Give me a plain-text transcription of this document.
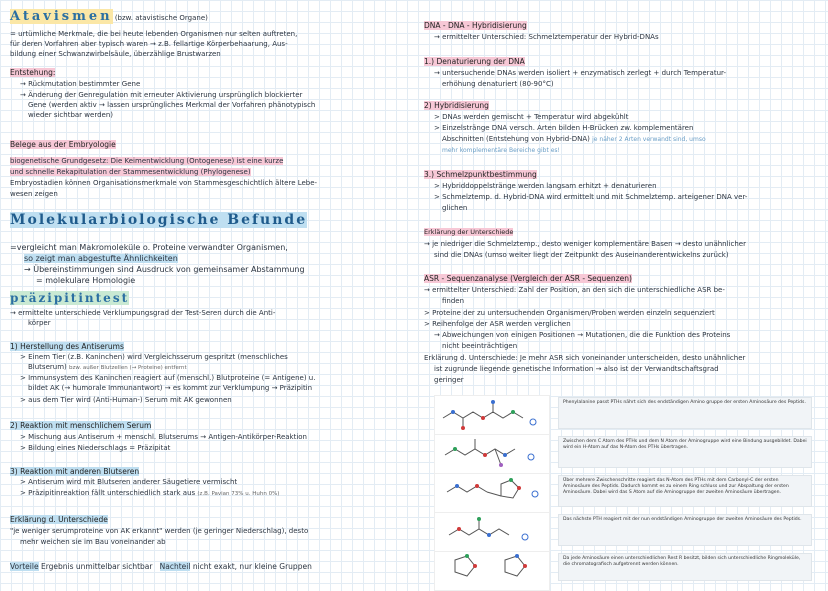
Atavismen (bzw. atavistische Organe)
= urtümliche Merkmale, die bei heute lebenden Organismen nur selten auftreten,
für deren Vorfahren aber typisch waren → z.B. fellartige Körperbehaarung, Aus-
bildung einer Schwanzwirbelsäule, überzählige Brustwarzen
Entstehung:
→ Rückmutation bestimmter Gene
→ Änderung der Genregulation mit erneuter Aktivierung ursprünglich blockierter
Gene (werden aktiv → lassen ursprüngliches Merkmal der Vorfahren phänotypisch
wieder sichtbar werden)
Belege aus der Embryologie
biogenetische Grundgesetz: Die Keimentwicklung (Ontogenese) ist eine kurze
und schnelle Rekapitulation der Stammesentwicklung (Phylogenese)
Embryostadien können Organisationsmerkmale von Stammesgeschichtlich ältere Lebe-
wesen zeigen
Molekularbiologische Befunde
=vergleicht man Makromoleküle o. Proteine verwandter Organismen,
so zeigt man abgestufte Ähnlichkeiten
→ Übereinstimmungen sind Ausdruck von gemeinsamer Abstammung
= molekulare Homologie
präzipitintest
→ ermittelte unterschiede Verklumpungsgrad der Test-Seren durch die Anti-
körper
1) Herstellung des Antiserums
> Einem Tier (z.B. Kaninchen) wird Vergleichsserum gespritzt (menschliches
Blutserum) bzw. außer Blutzellen (→ Proteine) entfernt
> Immunsystem des Kaninchen reagiert auf (menschl.) Blutproteine (= Antigene) u.
bildet AK (→ humorale Immunantwort) → es kommt zur Verklumpung → Präzipitin
> aus dem Tier wird (Anti-Human-) Serum mit AK gewonnen
2) Reaktion mit menschlichem Serum
> Mischung aus Antiserum + menschl. Blutserums → Antigen-Antikörper-Reaktion
> Bildung eines Niederschlags = Präzipitat
3) Reaktion mit anderen Blutseren
> Antiserum wird mit Blutseren anderer Säugetiere vermischt
> Präzipitinreaktion fällt unterschiedlich stark aus (z.B. Pavian 73% u. Huhn 0%)
Erklärung d. Unterschiede
"je weniger serumproteine von AK erkannt" werden (je geringer Niederschlag), desto
mehr weichen sie im Bau voneinander ab
Vorteile Ergebnis unmittelbar sichtbar Nachteil nicht exakt, nur kleine Gruppen
DNA - DNA - Hybridisierung
→ ermittelter Unterschied: Schmelztemperatur der Hybrid-DNAs
1.) Denaturierung der DNA
→ untersuchende DNAs werden isoliert + enzymatisch zerlegt + durch Temperatur-
erhöhung denaturiert (80-90°C)
2) Hybridisierung
> DNAs werden gemischt + Temperatur wird abgekühlt
> Einzelstränge DNA versch. Arten bilden H-Brücken zw. komplementären
Abschnitten (Entstehung von Hybrid-DNA) je näher 2 Arten verwandt sind, umso
mehr komplementäre Bereiche gibt es!
3.) Schmelzpunktbestimmung
> Hybriddoppelstränge werden langsam erhitzt + denaturieren
> Schmelztemp. d. Hybrid-DNA wird ermittelt und mit Schmelztemp. arteigener DNA ver-
glichen
Erklärung der Unterschiede
→ je niedriger die Schmelztemp., desto weniger komplementäre Basen → desto unähnlicher
sind die DNAs (umso weiter liegt der Zeitpunkt des Auseinanderentwickelns zurück)
ASR - Sequenzanalyse (Vergleich der ASR - Sequenzen)
→ ermittelter Unterschied: Zahl der Position, an den sich die unterschiedliche ASR be-
finden
> Proteine der zu untersuchenden Organismen/Proben werden einzeln sequenziert
> Reihenfolge der ASR werden verglichen
→ Abweichungen von einigen Positionen → Mutationen, die die Funktion des Proteins
nicht beeinträchtigen
Erklärung d. Unterschiede: Je mehr ASR sich voneinander unterscheiden, desto unähnlicher
ist zugrunde liegende genetische Information → also ist der Verwandtschaftsgrad
geringer
Phenylalanine passt PTHs nährt sich des endständigen Amino gruppe der ersten Aminosäure des Peptids.
Zwischen dem C Atom des PTHs und dem N Atom der Aminogruppe wird eine Bindung ausgebildet. Dabei wird ein H-Atom auf das N-Atom des PTHs übertragen.
Über mehrere Zwischenschritte reagiert das N-Atom des PTHs mit dem Carbonyl-C der ersten Aminosäure des Peptids. Dadurch kommt es zu einem Ring schluss und zur Abspaltung der ersten Aminosäure. Dabei wird das S Atom auf die Aminogruppe der zweiten Aminosäure übertragen.
Das nächste PTH reagiert mit der nun endständigen Aminogruppe der zweiten Aminosäure des Peptids.
Da jede Aminosäure einen unterschiedlichen Rest R besitzt, bilden sich unterschiedliche Ringmoleküle, die chromatografisch aufgetrennt werden können.
